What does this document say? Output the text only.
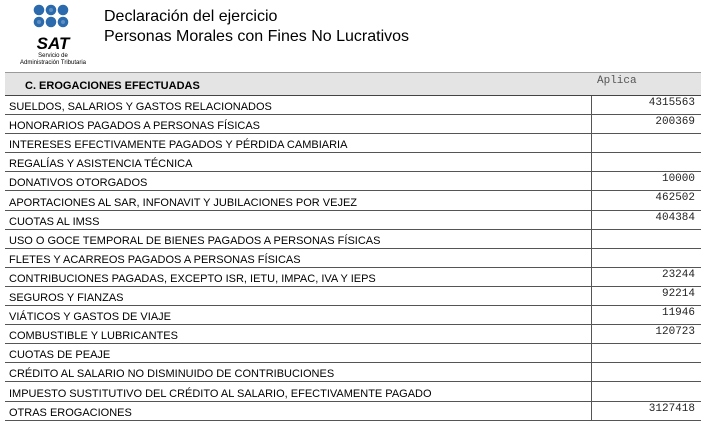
SAT
Servicio de
Administración Tributaria
Declaración del ejercicio
Personas Morales con Fines No Lucrativos
C. EROGACIONES EFECTUADAS	Aplica
SUELDOS, SALARIOS Y GASTOS RELACIONADOS	4315563
HONORARIOS PAGADOS A PERSONAS FÍSICAS	200369
INTERESES EFECTIVAMENTE PAGADOS Y PÉRDIDA CAMBIARIA
REGALÍAS Y ASISTENCIA TÉCNICA
DONATIVOS OTORGADOS	10000
APORTACIONES AL SAR, INFONAVIT Y JUBILACIONES POR VEJEZ	462502
CUOTAS AL IMSS	404384
USO O GOCE TEMPORAL DE BIENES PAGADOS A PERSONAS FÍSICAS
FLETES Y ACARREOS PAGADOS A PERSONAS FÍSICAS
CONTRIBUCIONES PAGADAS, EXCEPTO ISR, IETU, IMPAC, IVA Y IEPS	23244
SEGUROS Y FIANZAS	92214
VIÁTICOS Y GASTOS DE VIAJE	11946
COMBUSTIBLE Y LUBRICANTES	120723
CUOTAS DE PEAJE
CRÉDITO AL SALARIO NO DISMINUIDO DE CONTRIBUCIONES
IMPUESTO SUSTITUTIVO DEL CRÉDITO AL SALARIO, EFECTIVAMENTE PAGADO
OTRAS EROGACIONES	3127418
